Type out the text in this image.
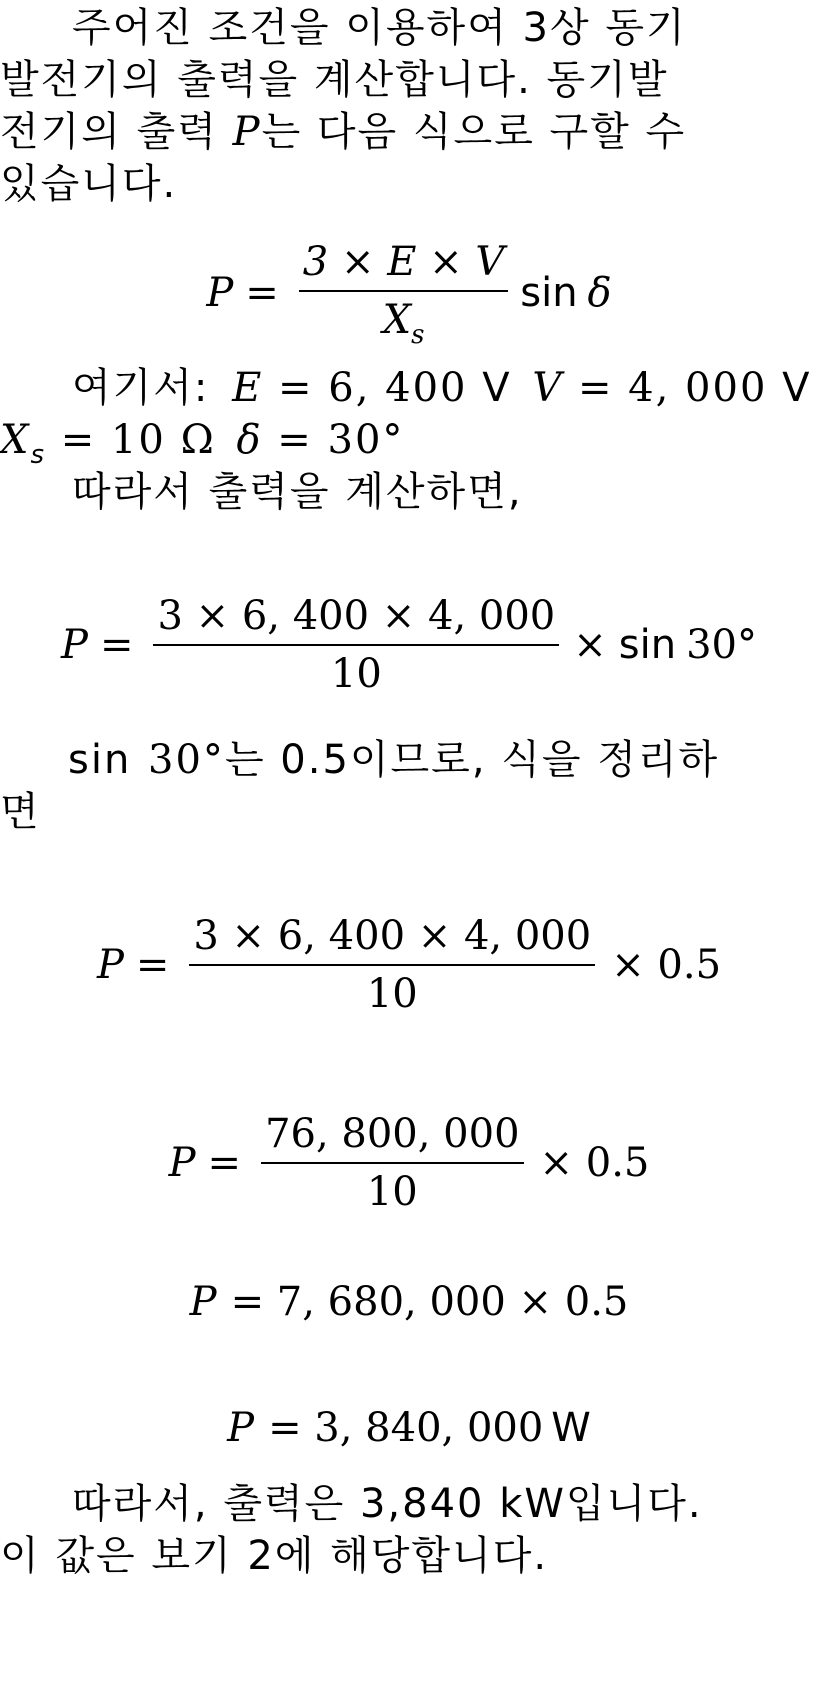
주어진 조건을 이용하여 3상 동기
발전기의 출력을 계산합니다. 동기발
전기의 출력 P는 다음 식으로 구할 수
있습니다.
$P = \frac{3 \times E \times V}{X_s}$ sin δ
여기서: E = 6, 400 V V = 4, 000 V
$X_s = 10$ Ω δ = 30°
따라서 출력을 계산하면,
$P = \frac{3 \times 6, 400 \times 4, 000}{10} \times \sin 30^\circ$
sin 30°는 0.5이므로, 식을 정리하
면
$P = \frac{3 \times 6, 400 \times 4, 000}{10} \times 0.5$
$P = \frac{76, 800, 000}{10} \times 0.5$
P = 7, 680, 000 × 0.5
P = 3, 840, 000 W
따라서, 출력은 3,840 kW입니다.
이 값은 보기 2에 해당합니다.
